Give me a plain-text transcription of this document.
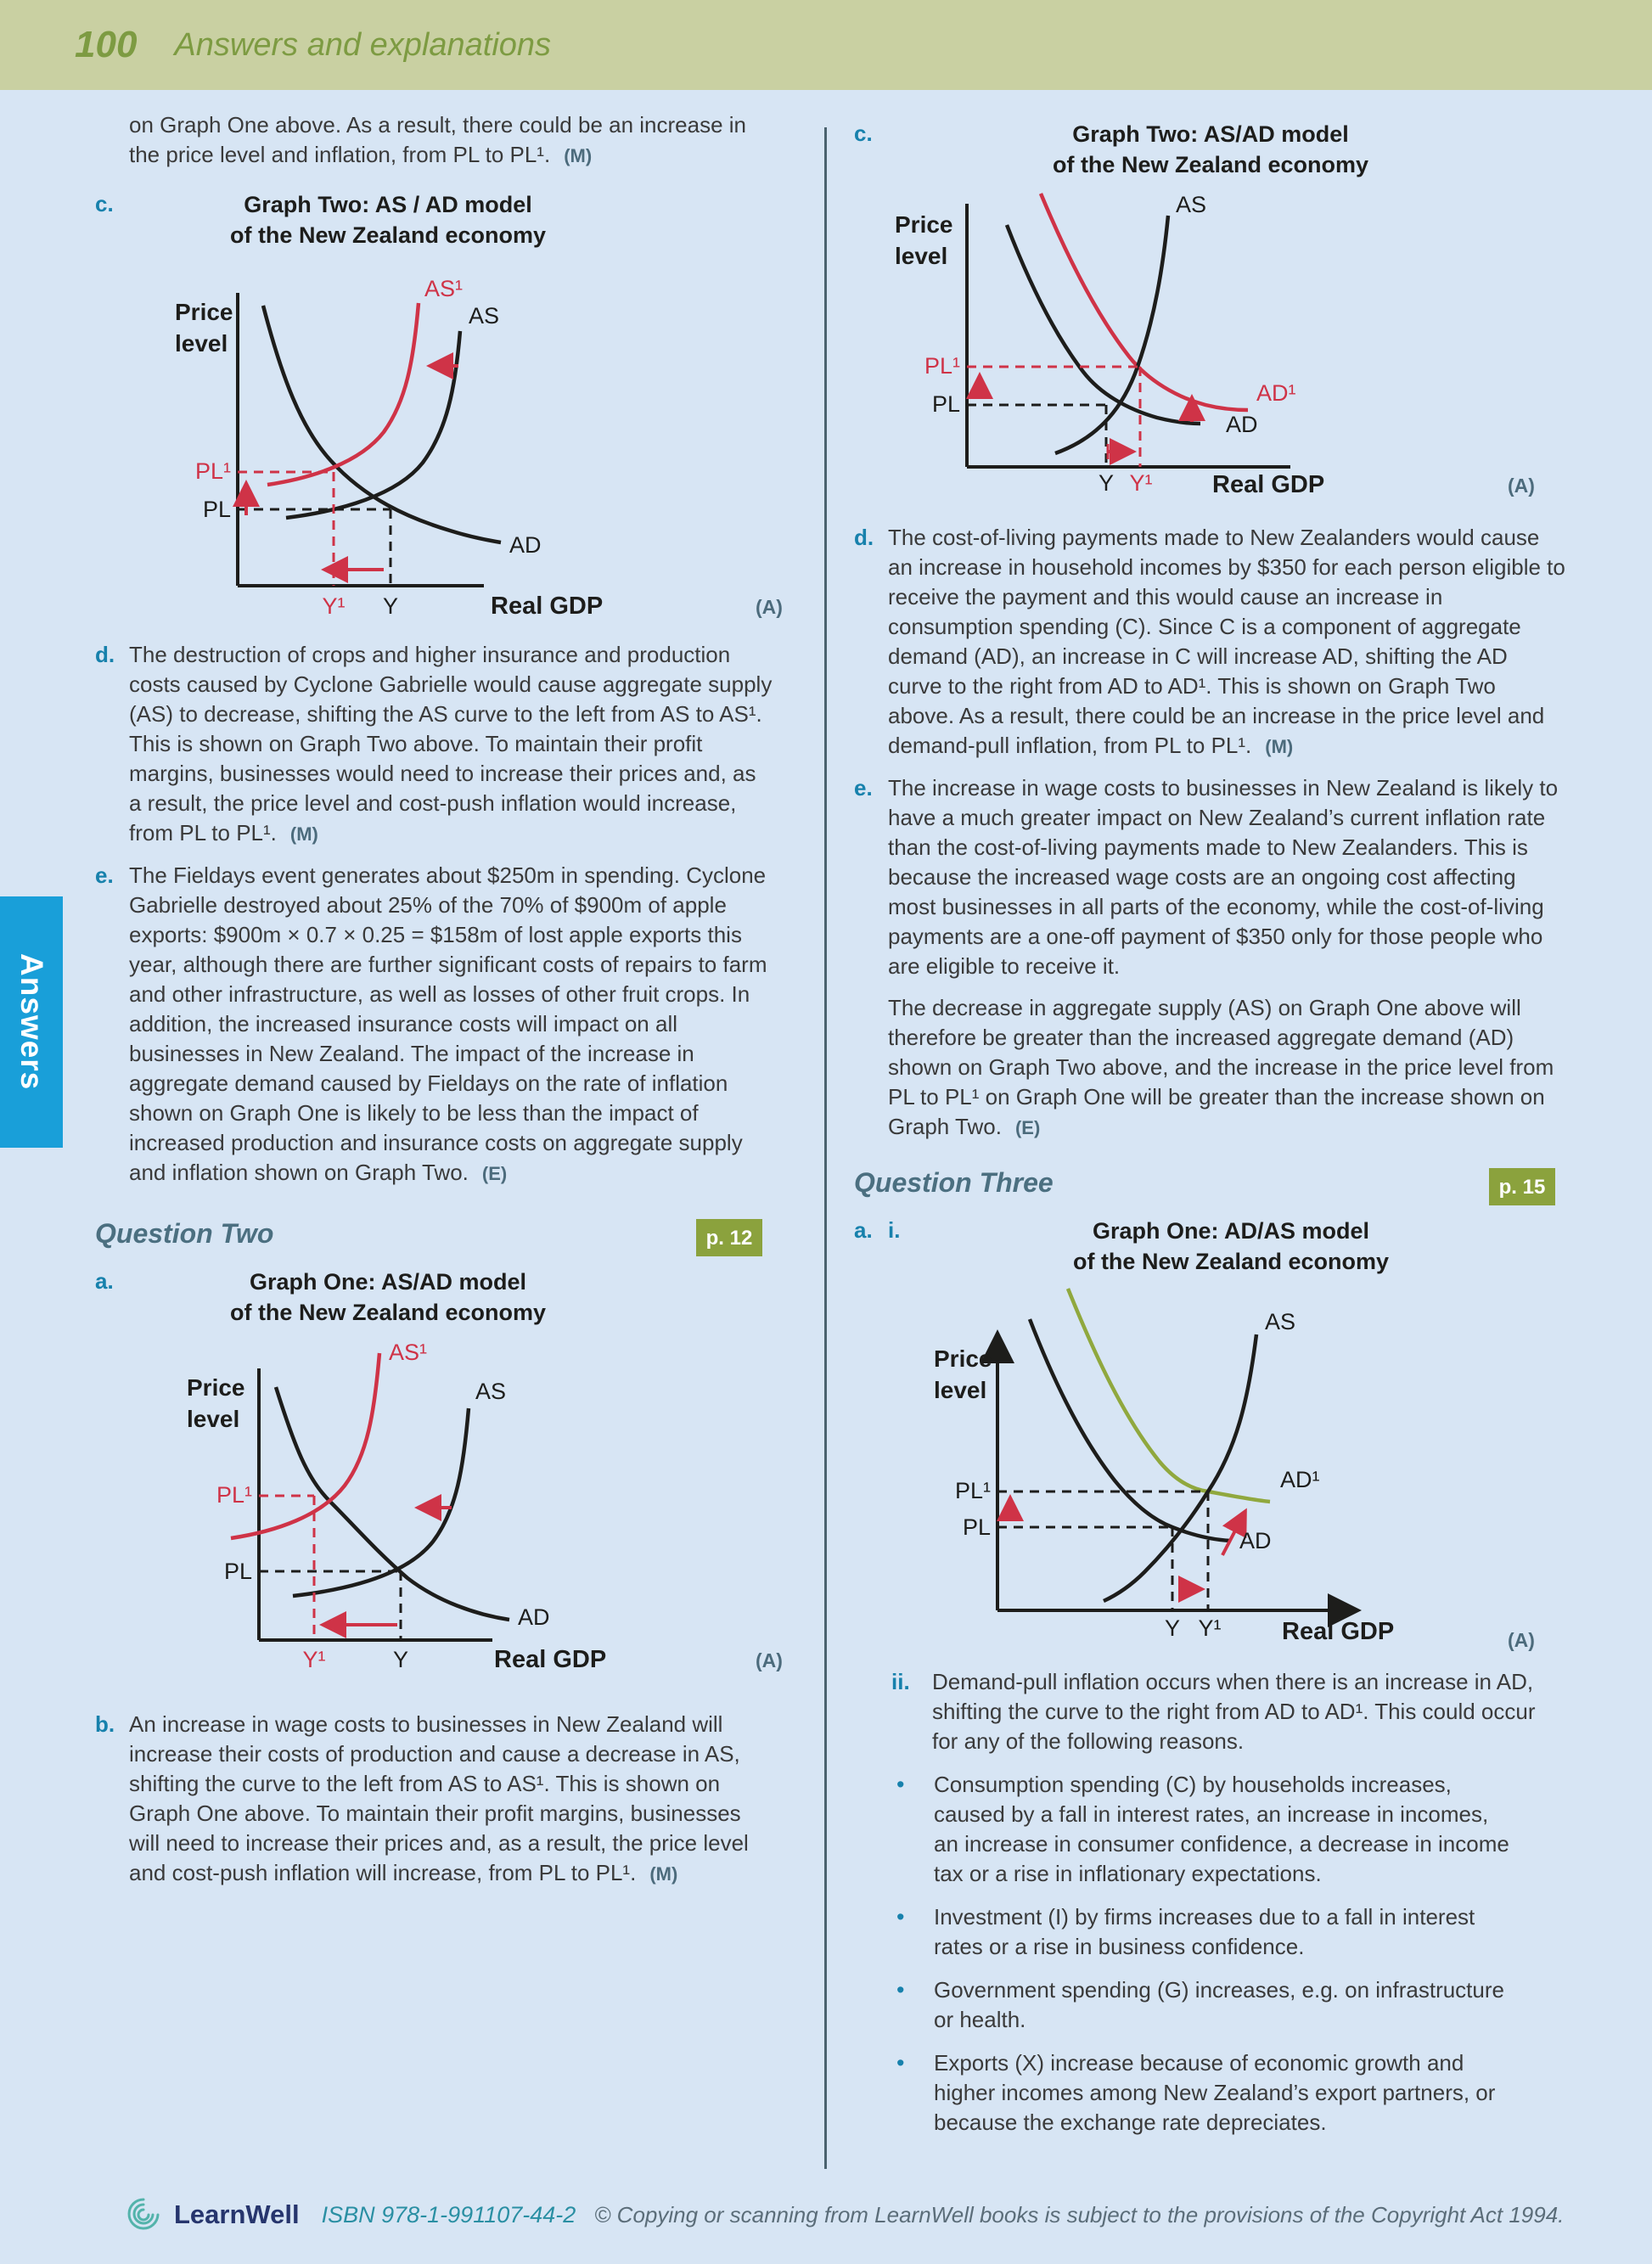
100 Answers and explanations
Answers
on Graph One above. As a result, there could be an increase in the price level and inflation, from PL to PL¹. (M)
c.	Graph Two: AS / AD model
of the New Zealand economy
Price
level
AS¹
AS
AD
PL¹
PL
Y¹ Y	Real GDP	(A)
d. The destruction of crops and higher insurance and production costs caused by Cyclone Gabrielle would cause aggregate supply (AS) to decrease, shifting the AS curve to the left from AS to AS¹. This is shown on Graph Two above. To maintain their profit margins, businesses would need to increase their prices and, as a result, the price level and cost-push inflation would increase, from PL to PL¹. (M)
e. The Fieldays event generates about $250m in spending. Cyclone Gabrielle destroyed about 25% of the 70% of $900m of apple exports: $900m × 0.7 × 0.25 = $158m of lost apple exports this year, although there are further significant costs of repairs to farm and other infrastructure, as well as losses of other fruit crops. In addition, the increased insurance costs will impact on all businesses in New Zealand. The impact of the increase in aggregate demand caused by Fieldays on the rate of inflation shown on Graph One is likely to be less than the impact of increased production and insurance costs on aggregate supply and inflation shown on Graph Two. (E)
Question Two	p. 12
a.	Graph One: AS/AD model
of the New Zealand economy
Price
level
AS¹
AS
AD
PL¹
PL
Y¹	Y	Real GDP	(A)
b. An increase in wage costs to businesses in New Zealand will increase their costs of production and cause a decrease in AS, shifting the curve to the left from AS to AS¹. This is shown on Graph One above. To maintain their profit margins, businesses will need to increase their prices and, as a result, the price level and cost-push inflation will increase, from PL to PL¹. (M)
c.	Graph Two: AS/AD model
of the New Zealand economy
Price
level
AS
AD¹
AD
PL¹
PL
Y Y¹ Real GDP	(A)
d. The cost-of-living payments made to New Zealanders would cause an increase in household incomes by $350 for each person eligible to receive the payment and this would cause an increase in consumption spending (C). Since C is a component of aggregate demand (AD), an increase in C will increase AD, shifting the AD curve to the right from AD to AD¹. This is shown on Graph Two above. As a result, there could be an increase in the price level and demand-pull inflation, from PL to PL¹. (M)
e. The increase in wage costs to businesses in New Zealand is likely to have a much greater impact on New Zealand’s current inflation rate than the cost-of-living payments made to New Zealanders. This is because the increased wage costs are an ongoing cost affecting most businesses in all parts of the economy, while the cost-of-living payments are a one-off payment of $350 only for those people who are eligible to receive it.
The decrease in aggregate supply (AS) on Graph One above will therefore be greater than the increased aggregate demand (AD) shown on Graph Two above, and the increase in the price level from PL to PL¹ on Graph One will be greater than the increase shown on Graph Two. (E)
Question Three	p. 15
a. i.	Graph One: AD/AS model
of the New Zealand economy
Price
level
AS
AD¹
AD
PL¹
PL
Y Y¹ Real GDP	(A)
ii.	Demand-pull inflation occurs when there is an increase in AD, shifting the curve to the right from AD to AD¹. This could occur for any of the following reasons.
•	Consumption spending (C) by households increases, caused by a fall in interest rates, an increase in incomes, an increase in consumer confidence, a decrease in income tax or a rise in inflationary expectations.
•	Investment (I) by firms increases due to a fall in interest rates or a rise in business confidence.
•	Government spending (G) increases, e.g. on infrastructure or health.
•	Exports (X) increase because of economic growth and higher incomes among New Zealand’s export partners, or because the exchange rate depreciates.
LearnWell ISBN 978-1-991107-44-2 © Copying or scanning from LearnWell books is subject to the provisions of the Copyright Act 1994.
